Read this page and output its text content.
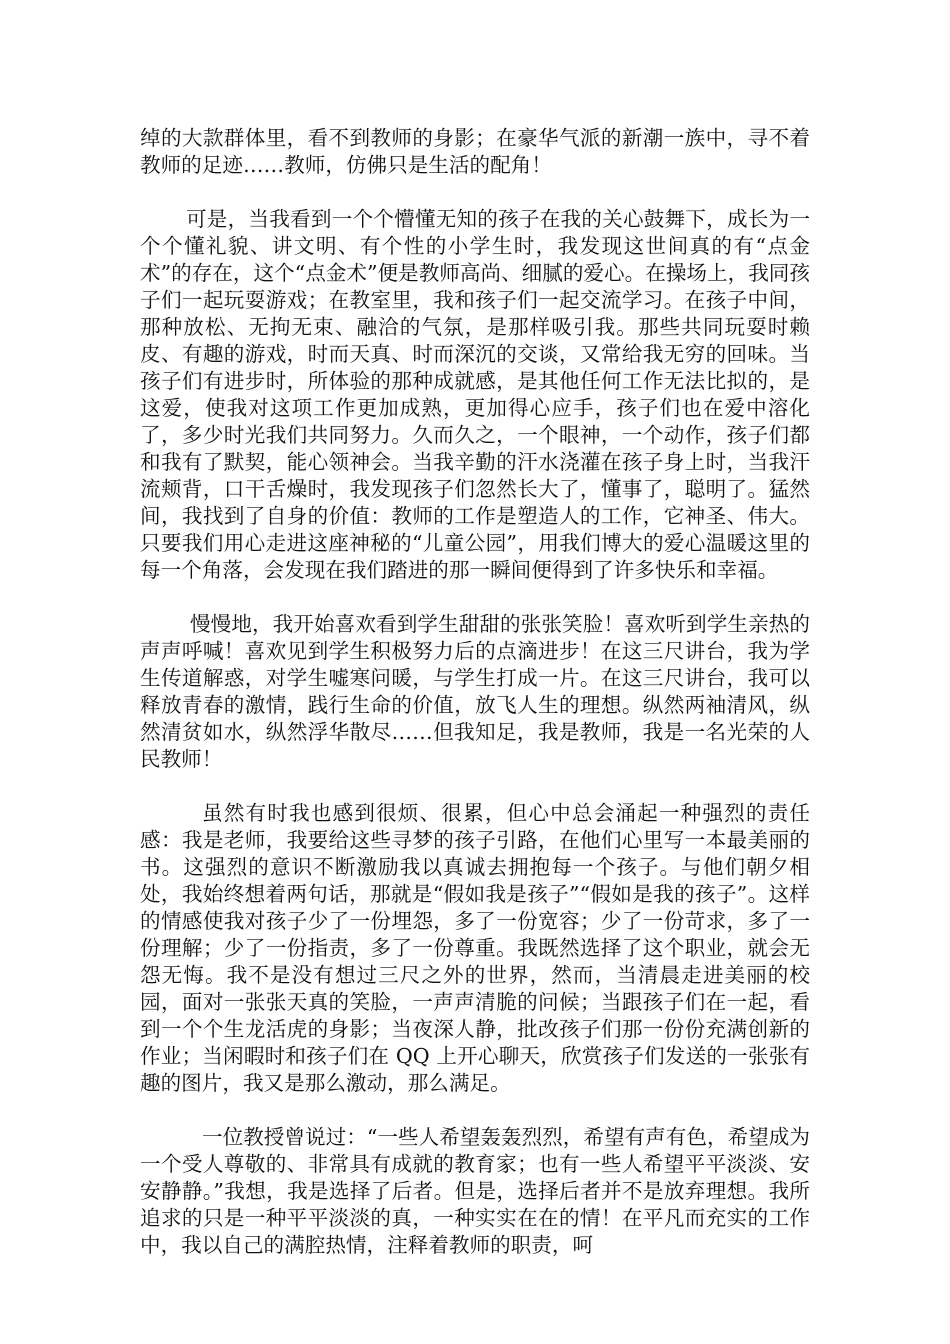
绰的大款群体里，看不到教师的身影；在豪华气派的新潮一族中，寻不着教师的足迹……教师，仿佛只是生活的配角！

可是，当我看到一个个懵懂无知的孩子在我的关心鼓舞下，成长为一个个懂礼貌、讲文明、有个性的小学生时，我发现这世间真的有“点金术”的存在，这个“点金术”便是教师高尚、细腻的爱心。在操场上，我同孩子们一起玩耍游戏；在教室里，我和孩子们一起交流学习。在孩子中间，那种放松、无拘无束、融洽的气氛，是那样吸引我。那些共同玩耍时赖皮、有趣的游戏，时而天真、时而深沉的交谈，又常给我无穷的回味。当孩子们有进步时，所体验的那种成就感，是其他任何工作无法比拟的，是这爱，使我对这项工作更加成熟，更加得心应手，孩子们也在爱中溶化了，多少时光我们共同努力。久而久之，一个眼神，一个动作，孩子们都和我有了默契，能心领神会。当我辛勤的汗水浇灌在孩子身上时，当我汗流颊背，口干舌燥时，我发现孩子们忽然长大了，懂事了，聪明了。猛然间，我找到了自身的价值：教师的工作是塑造人的工作，它神圣、伟大。只要我们用心走进这座神秘的“儿童公园”，用我们博大的爱心温暖这里的每一个角落，会发现在我们踏进的那一瞬间便得到了许多快乐和幸福。

慢慢地，我开始喜欢看到学生甜甜的张张笑脸！喜欢听到学生亲热的声声呼喊！喜欢见到学生积极努力后的点滴进步！在这三尺讲台，我为学生传道解惑，对学生嘘寒问暖，与学生打成一片。在这三尺讲台，我可以释放青春的激情，践行生命的价值，放飞人生的理想。纵然两袖清风，纵然清贫如水，纵然浮华散尽……但我知足，我是教师，我是一名光荣的人民教师！

虽然有时我也感到很烦、很累，但心中总会涌起一种强烈的责任感：我是老师，我要给这些寻梦的孩子引路，在他们心里写一本最美丽的书。这强烈的意识不断激励我以真诚去拥抱每一个孩子。与他们朝夕相处，我始终想着两句话，那就是“假如我是孩子”“假如是我的孩子”。这样的情感使我对孩子少了一份埋怨，多了一份宽容；少了一份苛求，多了一份理解；少了一份指责，多了一份尊重。我既然选择了这个职业，就会无怨无悔。我不是没有想过三尺之外的世界，然而，当清晨走进美丽的校园，面对一张张天真的笑脸，一声声清脆的问候；当跟孩子们在一起，看到一个个生龙活虎的身影；当夜深人静，批改孩子们那一份份充满创新的作业；当闲暇时和孩子们在 QQ 上开心聊天，欣赏孩子们发送的一张张有趣的图片，我又是那么激动，那么满足。

一位教授曾说过：“一些人希望轰轰烈烈，希望有声有色，希望成为一个受人尊敬的、非常具有成就的教育家；也有一些人希望平平淡淡、安安静静。”我想，我是选择了后者。但是，选择后者并不是放弃理想。我所追求的只是一种平平淡淡的真，一种实实在在的情！在平凡而充实的工作中，我以自己的满腔热情，注释着教师的职责，呵
